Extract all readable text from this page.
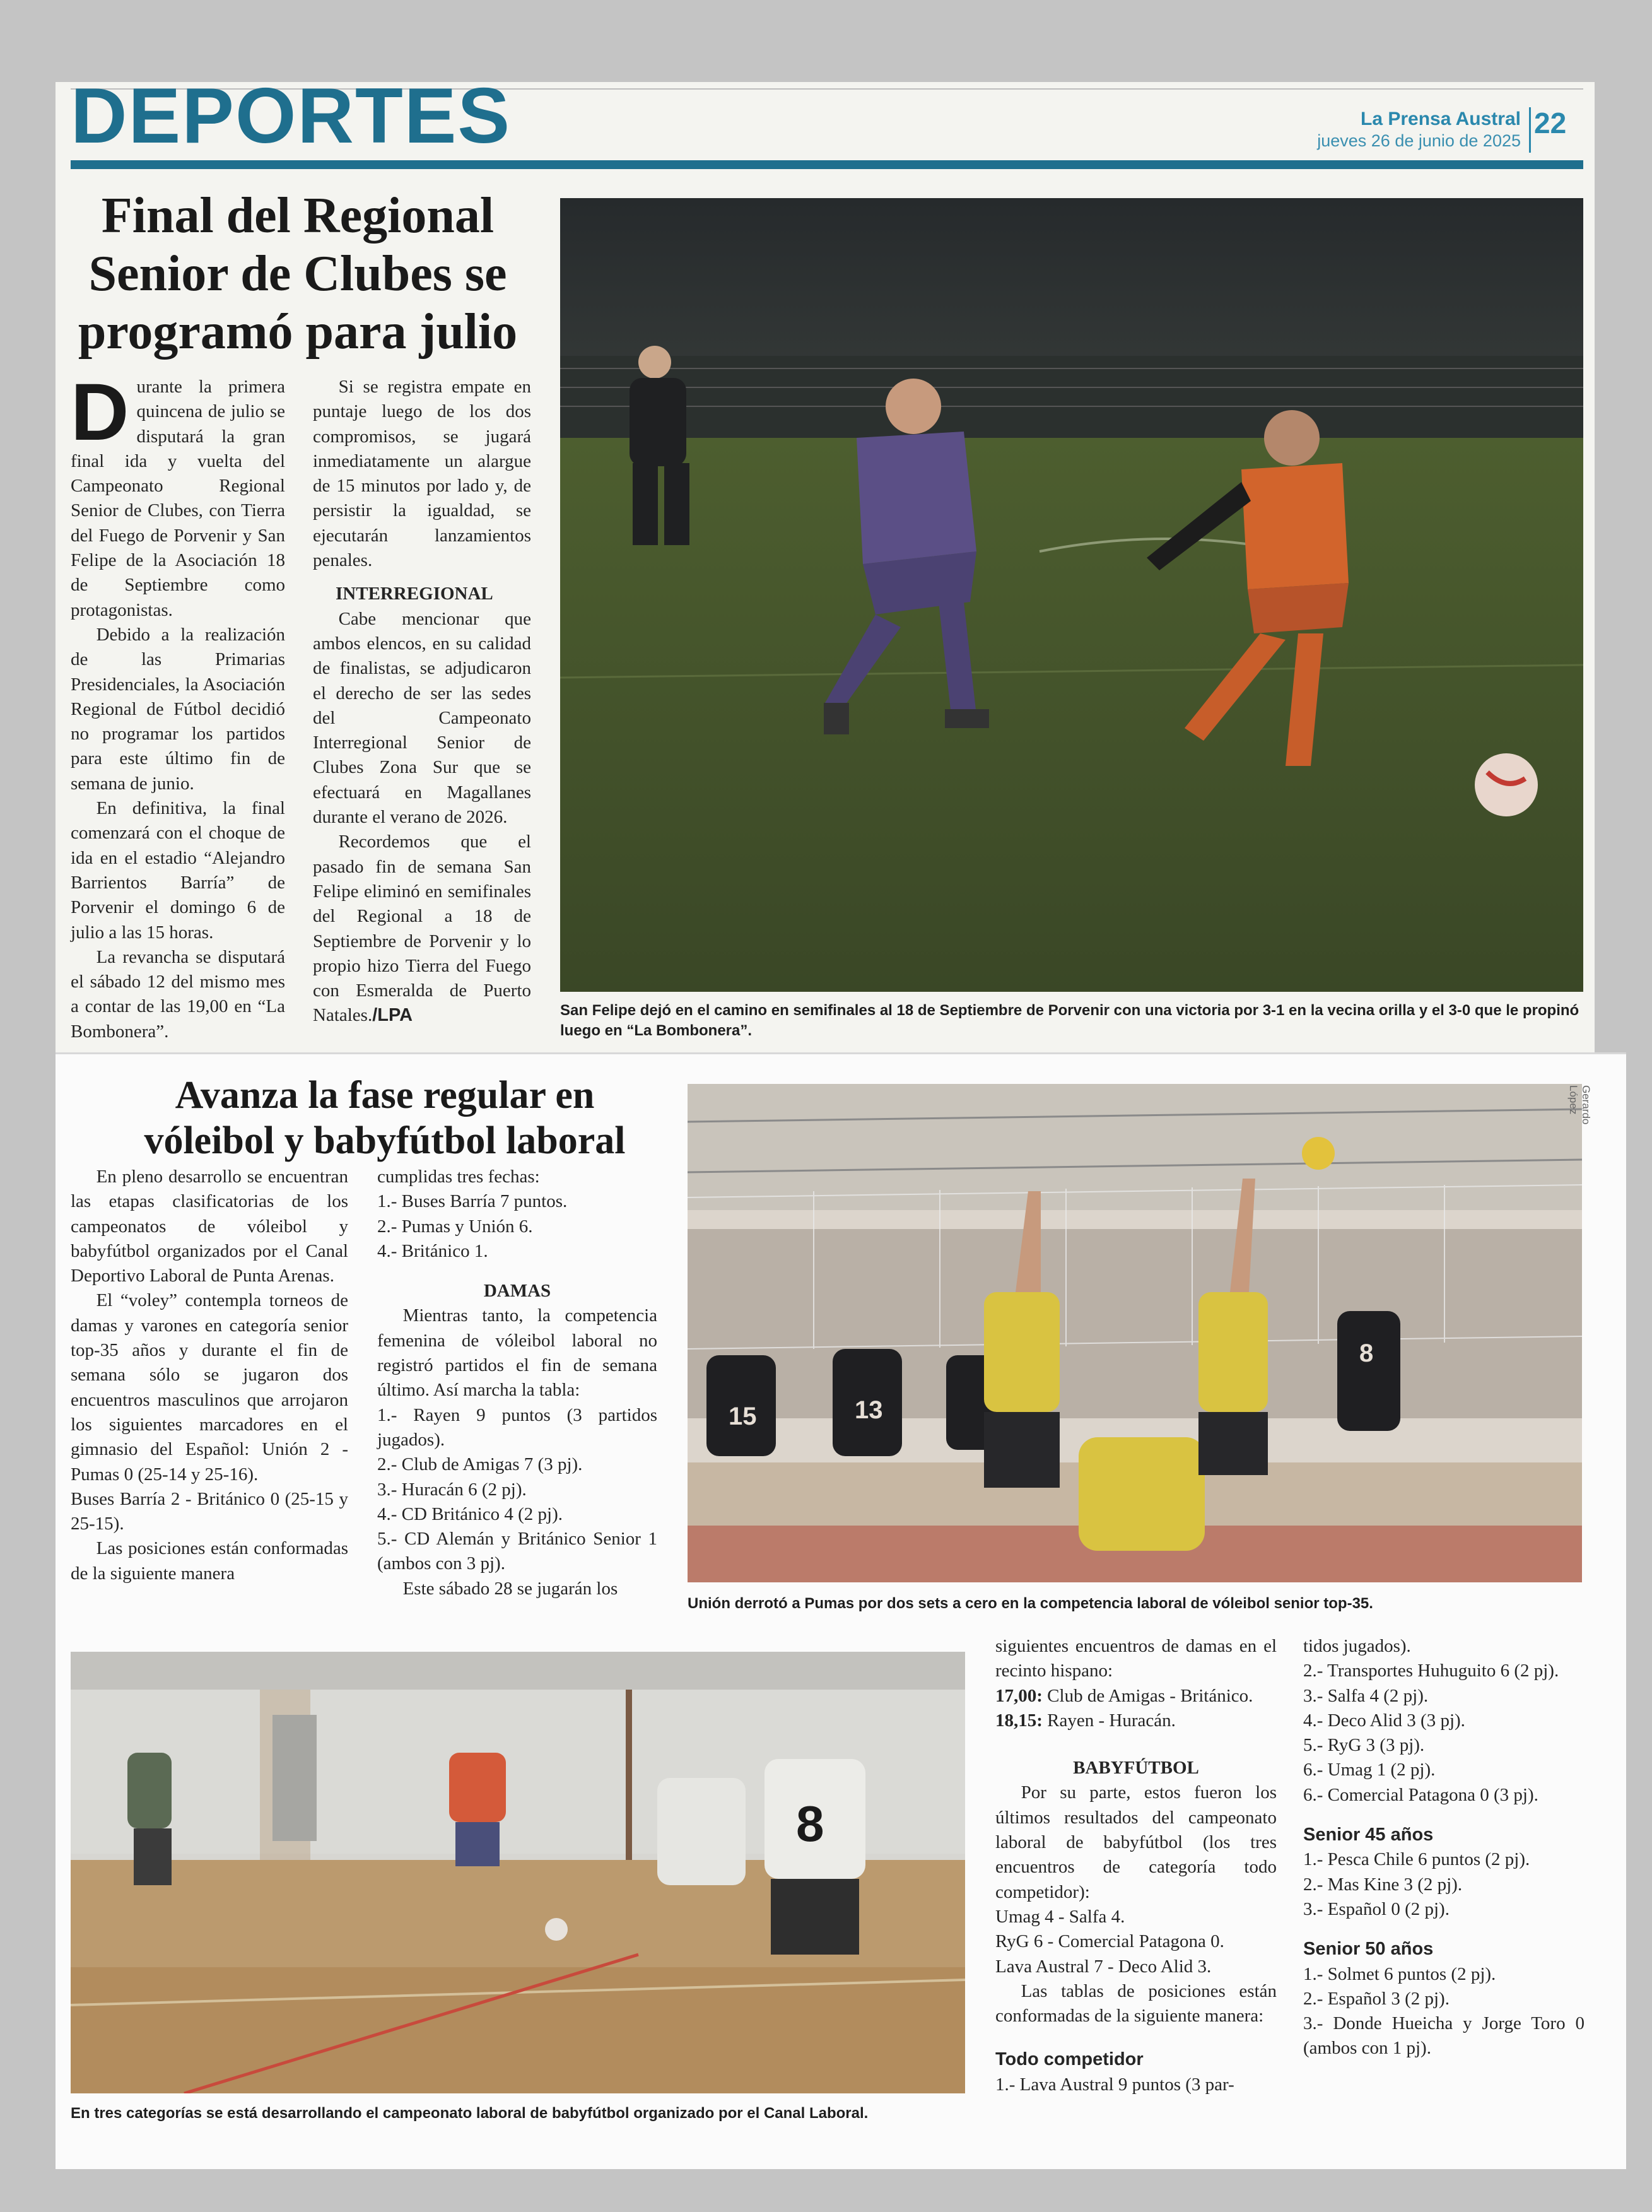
DEPORTES	La Prensa Austral
jueves 26 de junio de 2025
22
Final del Regional
Senior de Clubes se
programó para julio

Durante la primera quincena de julio se disputará la gran final ida y vuelta del Campeonato Regional Senior de Clubes, con Tierra del Fuego de Porvenir y San Felipe de la Asociación 18 de Septiembre como protagonistas.

Debido a la realización de las Primarias Presidenciales, la Asociación Regional de Fútbol decidió no programar los partidos para este último fin de semana de junio.

En definitiva, la final comenzará con el choque de ida en el estadio “Alejandro Barrientos Barría” de Porvenir el domingo 6 de julio a las 15 horas.

La revancha se disputará el sábado 12 del mismo mes a contar de las 19,00 en “La Bombonera”.

Si se registra empate en puntaje luego de los dos compromisos, se jugará inmediatamente un alargue de 15 minutos por lado y, de persistir la igualdad, se ejecutarán lanzamientos penales.

INTERREGIONAL

Cabe mencionar que ambos elencos, en su calidad de finalistas, se adjudicaron el derecho de ser las sedes del Campeonato Interregional Senior de Clubes Zona Sur que se efectuará en Magallanes durante el verano de 2026.

Recordemos que el pasado fin de semana San Felipe eliminó en semifinales del Regional a 18 de Septiembre de Porvenir y lo propio hizo Tierra del Fuego con Esmeralda de Puerto Natales./LPA	San Felipe dejó en el camino en semifinales al 18 de Septiembre de Porvenir con una victoria por 3-1 en la vecina orilla y el 3-0 que le propinó luego en “La Bombonera”.
Avanza la fase regular en
vóleibol y babyfútbol laboral

En pleno desarrollo se encuentran las etapas clasificatorias de los campeonatos de vóleibol y babyfútbol organizados por el Canal Deportivo Laboral de Punta Arenas.

El “voley” contempla torneos de damas y varones en categoría senior top-35 años y durante el fin de semana sólo se jugaron dos encuentros masculinos que arrojaron los siguientes marcadores en el gimnasio del Español: Unión 2 - Pumas 0 (25-14 y 25-16).

Buses Barría 2 - Británico 0 (25-15 y 25-15).

Las posiciones están conformadas de la siguiente manera

cumplidas tres fechas:

1.- Buses Barría 7 puntos.

2.- Pumas y Unión 6.

4.- Británico 1.

DAMAS

Mientras tanto, la competencia femenina de vóleibol laboral no registró partidos el fin de semana último. Así marcha la tabla:

1.- Rayen 9 puntos (3 partidos jugados).

2.- Club de Amigas 7 (3 pj).

3.- Huracán 6 (2 pj).

4.- CD Británico 4 (2 pj).

5.- CD Alemán y Británico Senior 1 (ambos con 3 pj).

Este sábado 28 se jugarán los

15	13
8
Gerardo López
Unión derrotó a Pumas por dos sets a cero en la competencia laboral de vóleibol senior top-35.
8
En tres categorías se está desarrollando el campeonato laboral de babyfútbol organizado por el Canal Laboral.

siguientes encuentros de damas en el recinto hispano:

17,00: Club de Amigas - Británico.

18,15: Rayen - Huracán.

BABYFÚTBOL

Por su parte, estos fueron los últimos resultados del campeonato laboral de babyfútbol (los tres encuentros de categoría todo competidor):

Umag 4 - Salfa 4.

RyG 6 - Comercial Patagona 0.

Lava Austral 7 - Deco Alid 3.

Las tablas de posiciones están conformadas de la siguiente manera:

Todo competidor

1.- Lava Austral 9 puntos (3 par-

tidos jugados).

2.- Transportes Huhuguito 6 (2 pj).

3.- Salfa 4 (2 pj).

4.- Deco Alid 3 (3 pj).

5.- RyG 3 (3 pj).

6.- Umag 1 (2 pj).

6.- Comercial Patagona 0 (3 pj).

Senior 45 años

1.- Pesca Chile 6 puntos (2 pj).

2.- Mas Kine 3 (2 pj).

3.- Español 0 (2 pj).

Senior 50 años

1.- Solmet 6 puntos (2 pj).

2.- Español 3 (2 pj).

3.- Donde Hueicha y Jorge Toro 0 (ambos con 1 pj).
